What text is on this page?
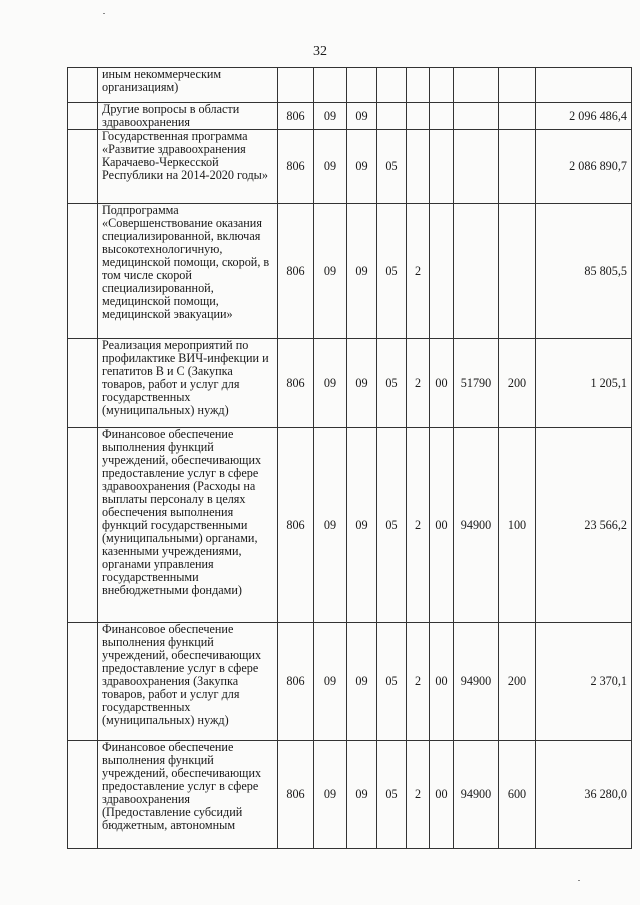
32
	иным некоммерческим организациям)									
	Другие вопросы в области здравоохранения	806	09	09						2 096 486,4
	Государственная программа «Развитие здравоохранения Карачаево-Черкесской Республики на 2014-2020 годы»	806	09	09	05					2 086 890,7
	Подпрограмма «Совершенствование оказания специализированной, включая высокотехнологичную, медицинской помощи, скорой, в том числе скорой специализированной, медицинской помощи, медицинской эвакуации»	806	09	09	05	2				85 805,5
	Реализация мероприятий по профилактике ВИЧ-инфекции и гепатитов В и С (Закупка товаров, работ и услуг для государственных (муниципальных) нужд)	806	09	09	05	2	00	51790	200	1 205,1
	Финансовое обеспечение выполнения функций учреждений, обеспечивающих предоставление услуг в сфере здравоохранения (Расходы на выплаты персоналу в целях обеспечения выполнения функций государственными (муниципальными) органами, казенными учреждениями, органами управления государственными внебюджетными фондами)	806	09	09	05	2	00	94900	100	23 566,2
	Финансовое обеспечение выполнения функций учреждений, обеспечивающих предоставление услуг в сфере здравоохранения (Закупка товаров, работ и услуг для государственных (муниципальных) нужд)	806	09	09	05	2	00	94900	200	2 370,1
	Финансовое обеспечение выполнения функций учреждений, обеспечивающих предоставление услуг в сфере здравоохранения (Предоставление субсидий бюджетным, автономным	806	09	09	05	2	00	94900	600	36 280,0
